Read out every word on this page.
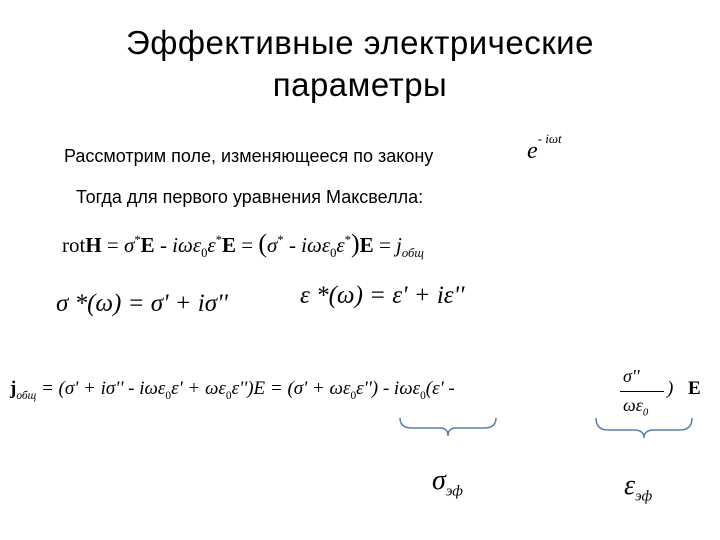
Эффективные электрические
параметры
Рассмотрим поле, изменяющееся по закону	$e^{- i\omega t}$
Тогда для первого уравнения Максвелла:
rotH = $\sigma^*E - i\omega\varepsilon_0\varepsilon^*E = (\sigma^* - i\omega\varepsilon_0\varepsilon^*)E = j_{общ}$
σ *(ω) = σ' + iσ''	ε *(ω) = ε' + iε''
$j_{общ} = (\sigma' + i\sigma'' - i\omega\varepsilon_0\varepsilon' + \omega\varepsilon_0\varepsilon'')E = (\sigma' + \omega\varepsilon_0\varepsilon'') - i\omega\varepsilon_0(\varepsilon'$ -
σ''
$\omega\varepsilon_0$
) E
$\sigma_{эф}$	$\varepsilon_{эф}$
